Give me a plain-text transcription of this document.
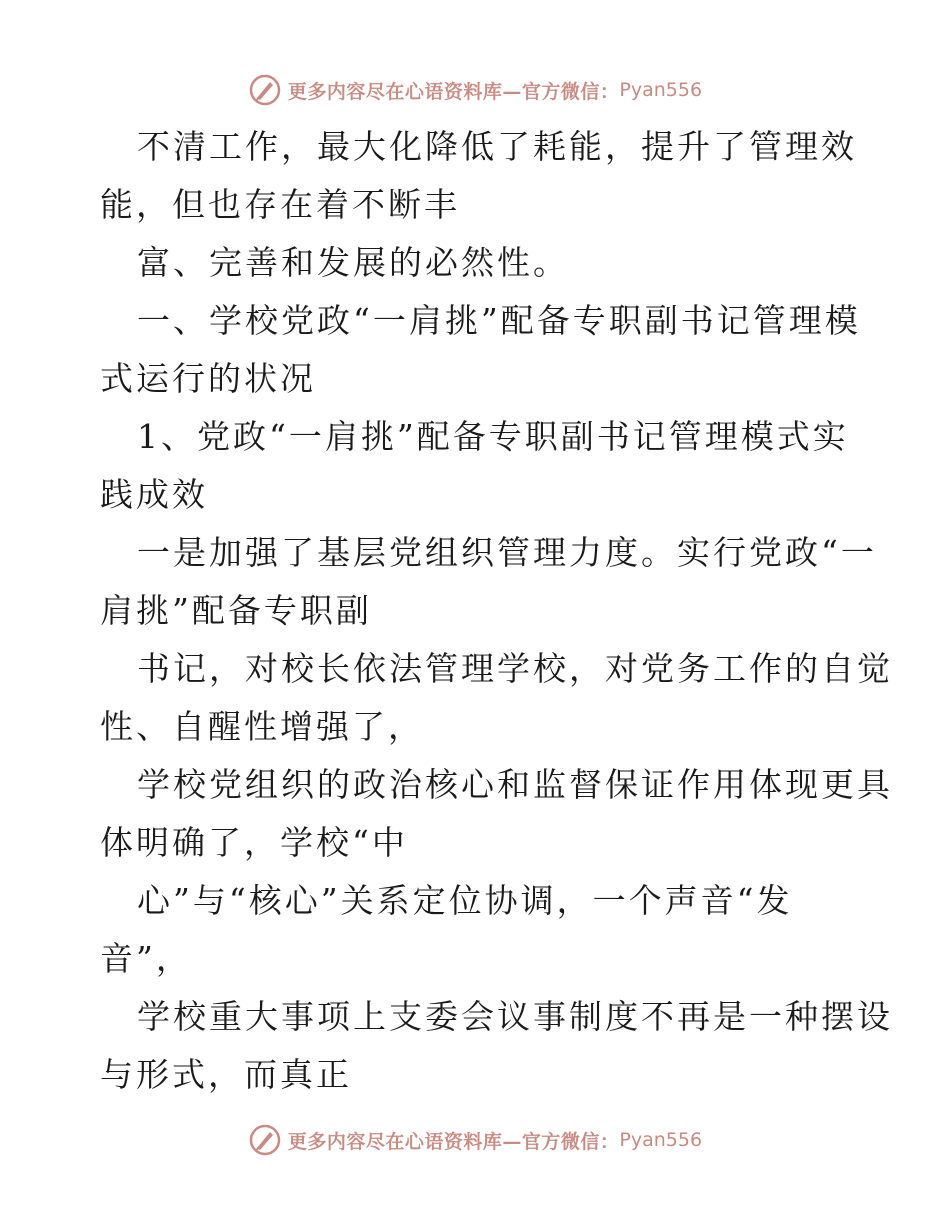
更多内容尽在心语资料库—官方微信： Pyan556
不清工作，最大化降低了耗能，提升了管理效
能，但也存在着不断丰
富、完善和发展的必然性。
一、学校党政“一肩挑”配备专职副书记管理模
式运行的状况
1、党政“一肩挑”配备专职副书记管理模式实
践成效
一是加强了基层党组织管理力度。实行党政“一
肩挑”配备专职副
书记，对校长依法管理学校，对党务工作的自觉
性、自醒性增强了，
学校党组织的政治核心和监督保证作用体现更具
体明确了，学校“中
心”与“核心”关系定位协调，一个声音“发
音”，
学校重大事项上支委会议事制度不再是一种摆设
与形式，而真正
更多内容尽在心语资料库—官方微信： Pyan556
